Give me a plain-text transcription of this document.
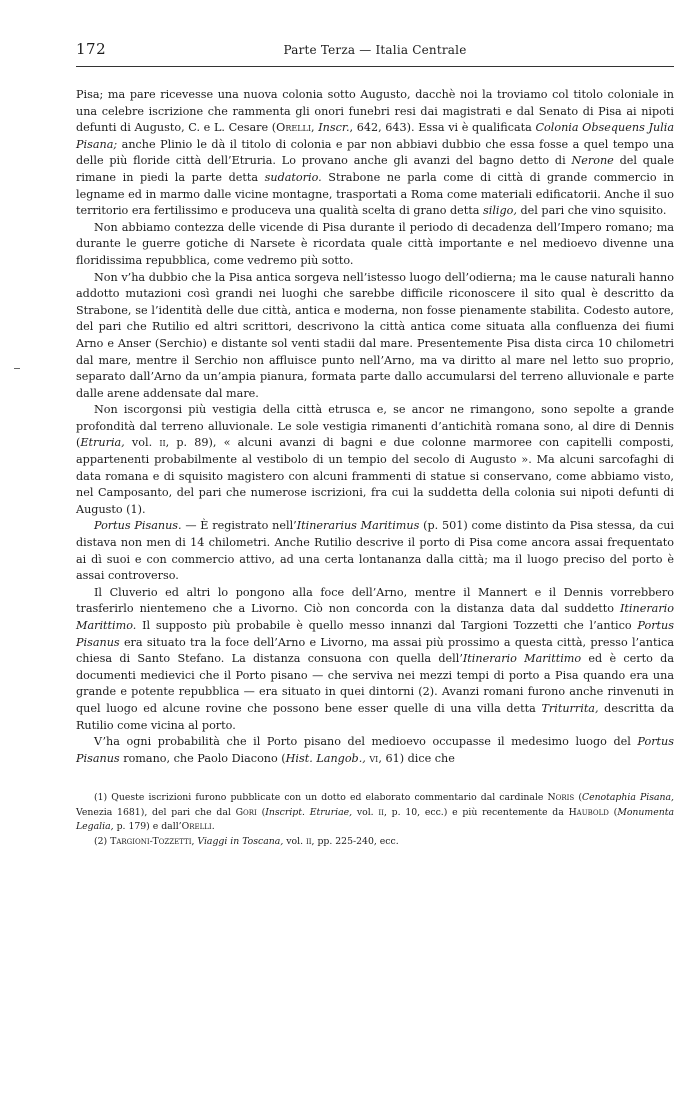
172	Parte Terza — Italia Centrale

Pisa; ma pare ricevesse una nuova colonia sotto Augusto, dacchè noi la troviamo col titolo coloniale in una celebre iscrizione che rammenta gli onori funebri resi dai magistrati e dal Senato di Pisa ai nipoti defunti di Augusto, C. e L. Cesare (Orelli, Inscr., 642, 643). Essa vi è qualificata Colonia Obsequens Julia Pisana; anche Plinio le dà il titolo di colonia e par non abbiavi dubbio che essa fosse a quel tempo una delle più floride città dell’Etruria. Lo provano anche gli avanzi del bagno detto di Nerone del quale rimane in piedi la parte detta sudatorio. Strabone ne parla come di città di grande commercio in legname ed in marmo dalle vicine montagne, trasportati a Roma come materiali edificatorii. Anche il suo territorio era fertilissimo e produceva una qualità scelta di grano detta siligo, del pari che vino squisito.

Non abbiamo contezza delle vicende di Pisa durante il periodo di decadenza dell’Impero romano; ma durante le guerre gotiche di Narsete è ricordata quale città importante e nel medioevo divenne una floridissima repubblica, come vedremo più sotto.

Non v’ha dubbio che la Pisa antica sorgeva nell’istesso luogo dell’odierna; ma le cause naturali hanno addotto mutazioni così grandi nei luoghi che sarebbe difficile riconoscere il sito qual è descritto da Strabone, se l’identità delle due città, antica e moderna, non fosse pienamente stabilita. Codesto autore, del pari che Rutilio ed altri scrittori, descrivono la città antica come situata alla confluenza dei fiumi Arno e Anser (Serchio) e distante sol venti stadii dal mare. Presentemente Pisa dista circa 10 chilometri dal mare, mentre il Serchio non affluisce punto nell’Arno, ma va diritto al mare nel letto suo proprio, separato dall’Arno da un’ampia pianura, formata parte dallo accumularsi del terreno alluvionale e parte dalle arene addensate dal mare.

Non iscorgonsi più vestigia della città etrusca e, se ancor ne rimangono, sono sepolte a grande profondità dal terreno alluvionale. Le sole vestigia rimanenti d’antichità romana sono, al dire di Dennis (Etruria, vol. ii, p. 89), « alcuni avanzi di bagni e due colonne marmoree con capitelli composti, appartenenti probabilmente al vestibolo di un tempio del secolo di Augusto ». Ma alcuni sarcofaghi di data romana e di squisito magistero con alcuni frammenti di statue si conservano, come abbiamo visto, nel Camposanto, del pari che numerose iscrizioni, fra cui la suddetta della colonia sui nipoti defunti di Augusto (1).

Portus Pisanus. — È registrato nell’Itinerarius Maritimus (p. 501) come distinto da Pisa stessa, da cui distava non men di 14 chilometri. Anche Rutilio descrive il porto di Pisa come ancora assai frequentato ai dì suoi e con commercio attivo, ad una certa lontananza dalla città; ma il luogo preciso del porto è assai controverso.

Il Cluverio ed altri lo pongono alla foce dell’Arno, mentre il Mannert e il Dennis vorrebbero trasferirlo nientemeno che a Livorno. Ciò non concorda con la distanza data dal suddetto Itinerario Marittimo. Il supposto più probabile è quello messo innanzi dal Targioni Tozzetti che l’antico Portus Pisanus era situato tra la foce dell’Arno e Livorno, ma assai più prossimo a questa città, presso l’antica chiesa di Santo Stefano. La distanza consuona con quella dell’Itinerario Marittimo ed è certo da documenti medievici che il Porto pisano — che serviva nei mezzi tempi di porto a Pisa quando era una grande e potente repubblica — era situato in quei dintorni (2). Avanzi romani furono anche rinvenuti in quel luogo ed alcune rovine che possono bene esser quelle di una villa detta Triturrita, descritta da Rutilio come vicina al porto.

V’ha ogni probabilità che il Porto pisano del medioevo occupasse il medesimo luogo del Portus Pisanus romano, che Paolo Diacono (Hist. Langob., vi, 61) dice che

(1) Queste iscrizioni furono pubblicate con un dotto ed elaborato commentario dal cardinale Noris (Cenotaphia Pisana, Venezia 1681), del pari che dal Gori (Inscript. Etruriae, vol. ii, p. 10, ecc.) e più recentemente da Haubold (Monumenta Legalia, p. 179) e dall’Orelli.

(2) Targioni-Tozzetti, Viaggi in Toscana, vol. ii, pp. 225-240, ecc.
